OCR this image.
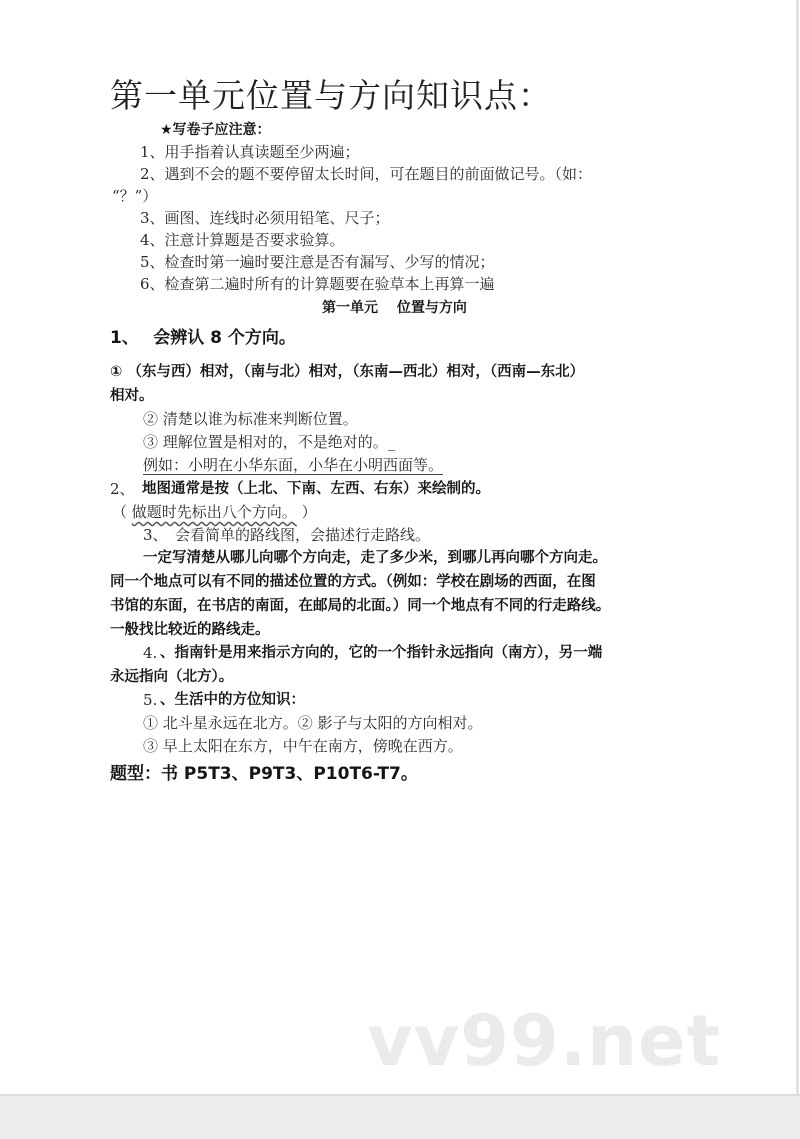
第一单元位置与方向知识点：
★写卷子应注意：
1、用手指着认真读题至少两遍；
2、遇到不会的题不要停留太长时间，可在题目的前面做记号。（如：
“？”）
3、画图、连线时必须用铅笔、尺子；
4、注意计算题是否要求验算。
5、检查时第一遍时要注意是否有漏写、少写的情况；
6、检查第二遍时所有的计算题要在验草本上再算一遍
第一单元　 位置与方向
1、　 会辨认 8 个方向。
① （东与西）相对，（南与北）相对，（东南—西北）相对，（西南—东北）
相对。
② 清楚以谁为标准来判断位置。
③ 理解位置是相对的，不是绝对的。_
例如：小明在小华东面，小华在小明西面等。
2、 地图通常是按（上北、下南、左西、右东）来绘制的。
（ 做题时先标出八个方向。 ）
3、　会看简单的路线图，会描述行走路线。
一定写清楚从哪儿向哪个方向走，走了多少米，到哪儿再向哪个方向走。
同一个地点可以有不同的描述位置的方式。（例如：学校在剧场的西面，在图
书馆的东面，在书店的南面，在邮局的北面。）同一个地点有不同的行走路线。
一般找比较近的路线走。
4. 、指南针是用来指示方向的，它的一个指针永远指向（南方），另一端
永远指向（北方）。
5. 、生活中的方位知识：
① 北斗星永远在北方。② 影子与太阳的方向相对。
③ 早上太阳在东方，中午在南方，傍晚在西方。
题型：书 P5T3、P9T3、P10T6-T7。
vv99.net
